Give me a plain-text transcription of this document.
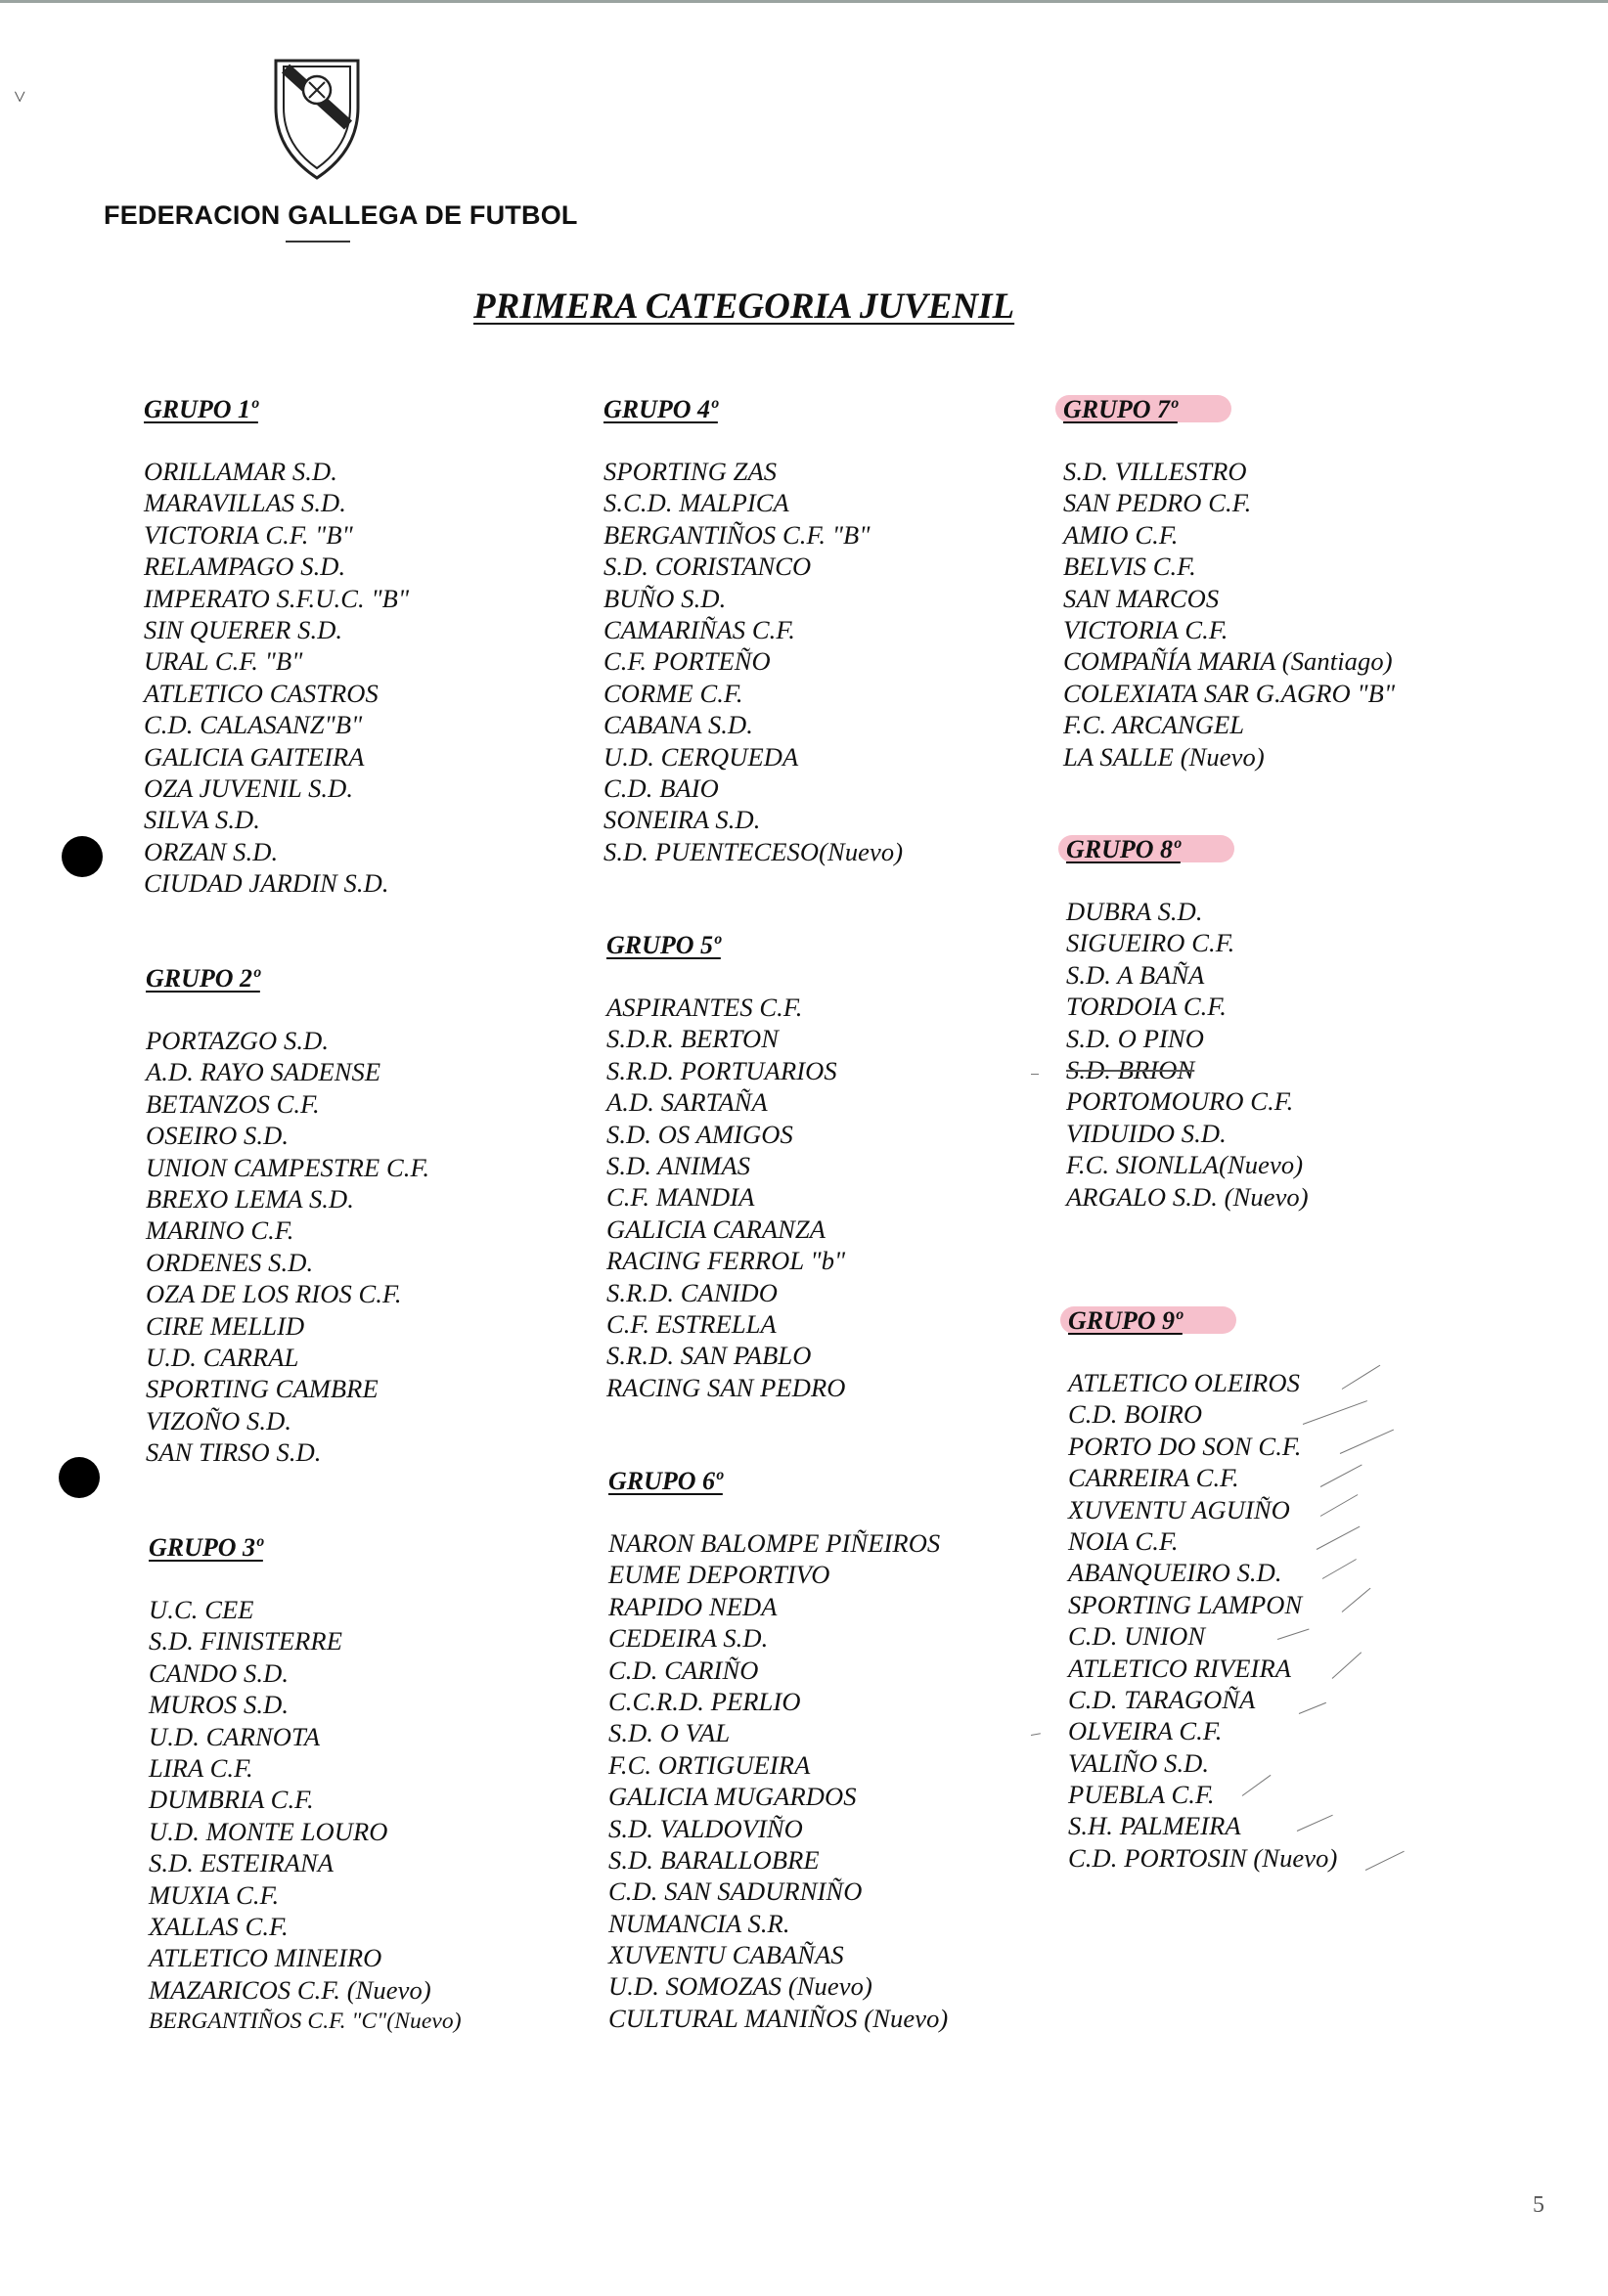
˅
FEDERACION GALLEGA DE FUTBOL
PRIMERA CATEGORIA JUVENIL
GRUPO 1º
ORILLAMAR S.D.
MARAVILLAS S.D.
VICTORIA C.F. "B"
RELAMPAGO S.D.
IMPERATO S.F.U.C. "B"
SIN QUERER S.D.
URAL C.F. "B"
ATLETICO CASTROS
C.D. CALASANZ"B"
GALICIA GAITEIRA
OZA JUVENIL S.D.
SILVA S.D.
ORZAN S.D.
CIUDAD JARDIN S.D.
GRUPO 2º
PORTAZGO S.D.
A.D. RAYO SADENSE
BETANZOS C.F.
OSEIRO S.D.
UNION CAMPESTRE C.F.
BREXO LEMA S.D.
MARINO C.F.
ORDENES S.D.
OZA DE LOS RIOS C.F.
CIRE MELLID
U.D. CARRAL
SPORTING CAMBRE
VIZOÑO S.D.
SAN TIRSO S.D.
GRUPO 3º
U.C. CEE
S.D. FINISTERRE
CANDO S.D.
MUROS S.D.
U.D. CARNOTA
LIRA C.F.
DUMBRIA C.F.
U.D. MONTE LOURO
S.D. ESTEIRANA
MUXIA C.F.
XALLAS C.F.
ATLETICO MINEIRO
MAZARICOS C.F. (Nuevo)
BERGANTIÑOS C.F. "C"(Nuevo)
GRUPO 4º
SPORTING ZAS
S.C.D. MALPICA
BERGANTIÑOS C.F. "B"
S.D. CORISTANCO
BUÑO S.D.
CAMARIÑAS C.F.
C.F. PORTEÑO
CORME C.F.
CABANA S.D.
U.D. CERQUEDA
C.D. BAIO
SONEIRA S.D.
S.D. PUENTECESO(Nuevo)
GRUPO 5º
ASPIRANTES C.F.
S.D.R. BERTON
S.R.D. PORTUARIOS
A.D. SARTAÑA
S.D. OS AMIGOS
S.D. ANIMAS
C.F. MANDIA
GALICIA CARANZA
RACING FERROL "b"
S.R.D. CANIDO
C.F. ESTRELLA
S.R.D. SAN PABLO
RACING SAN PEDRO
GRUPO 6º
NARON BALOMPE PIÑEIROS
EUME DEPORTIVO
RAPIDO NEDA
CEDEIRA S.D.
C.D. CARIÑO
C.C.R.D. PERLIO
S.D. O VAL
F.C. ORTIGUEIRA
GALICIA MUGARDOS
S.D. VALDOVIÑO
S.D. BARALLOBRE
C.D. SAN SADURNIÑO
NUMANCIA S.R.
XUVENTU CABAÑAS
U.D. SOMOZAS (Nuevo)
CULTURAL MANIÑOS (Nuevo)
GRUPO 7º
S.D. VILLESTRO
SAN PEDRO C.F.
AMIO C.F.
BELVIS C.F.
SAN MARCOS
VICTORIA C.F.
COMPAÑÍA MARIA (Santiago)
COLEXIATA SAR G.AGRO "B"
F.C. ARCANGEL
LA SALLE (Nuevo)
GRUPO 8º
DUBRA S.D.
SIGUEIRO C.F.
S.D. A BAÑA
TORDOIA C.F.
S.D. O PINO
S.D. BRION
PORTOMOURO C.F.
VIDUIDO S.D.
F.C. SIONLLA(Nuevo)
ARGALO S.D. (Nuevo)
GRUPO 9º
ATLETICO OLEIROS
C.D. BOIRO
PORTO DO SON C.F.
CARREIRA C.F.
XUVENTU AGUIÑO
NOIA C.F.
ABANQUEIRO S.D.
SPORTING LAMPON
C.D. UNION
ATLETICO RIVEIRA
C.D. TARAGOÑA
OLVEIRA C.F.
VALIÑO S.D.
PUEBLA C.F.
S.H. PALMEIRA
C.D. PORTOSIN (Nuevo)
5
